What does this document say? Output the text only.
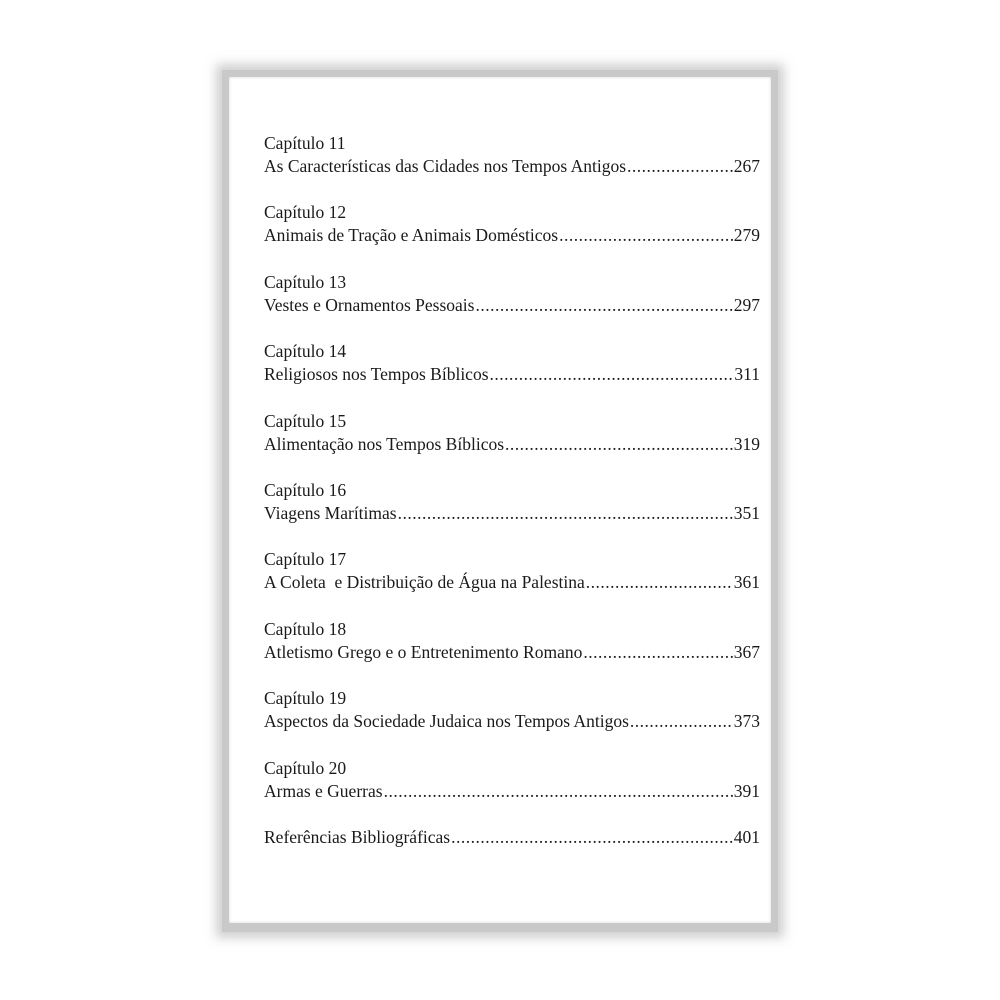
Capítulo 11
As Características das Cidades nos Tempos Antigos .....	267
Capítulo 12
Animais de Tração e Animais Domésticos .....	279
Capítulo 13
Vestes e Ornamentos Pessoais .....	297
Capítulo 14
Religiosos nos Tempos Bíblicos .....	311
Capítulo 15
Alimentação nos Tempos Bíblicos .....	319
Capítulo 16
Viagens Marítimas .....	351
Capítulo 17
A Coleta  e Distribuição de Água na Palestina .....	361
Capítulo 18
Atletismo Grego e o Entretenimento Romano .....	367
Capítulo 19
Aspectos da Sociedade Judaica nos Tempos Antigos .....	373
Capítulo 20
Armas e Guerras .....	391
Referências Bibliográficas .....	401
